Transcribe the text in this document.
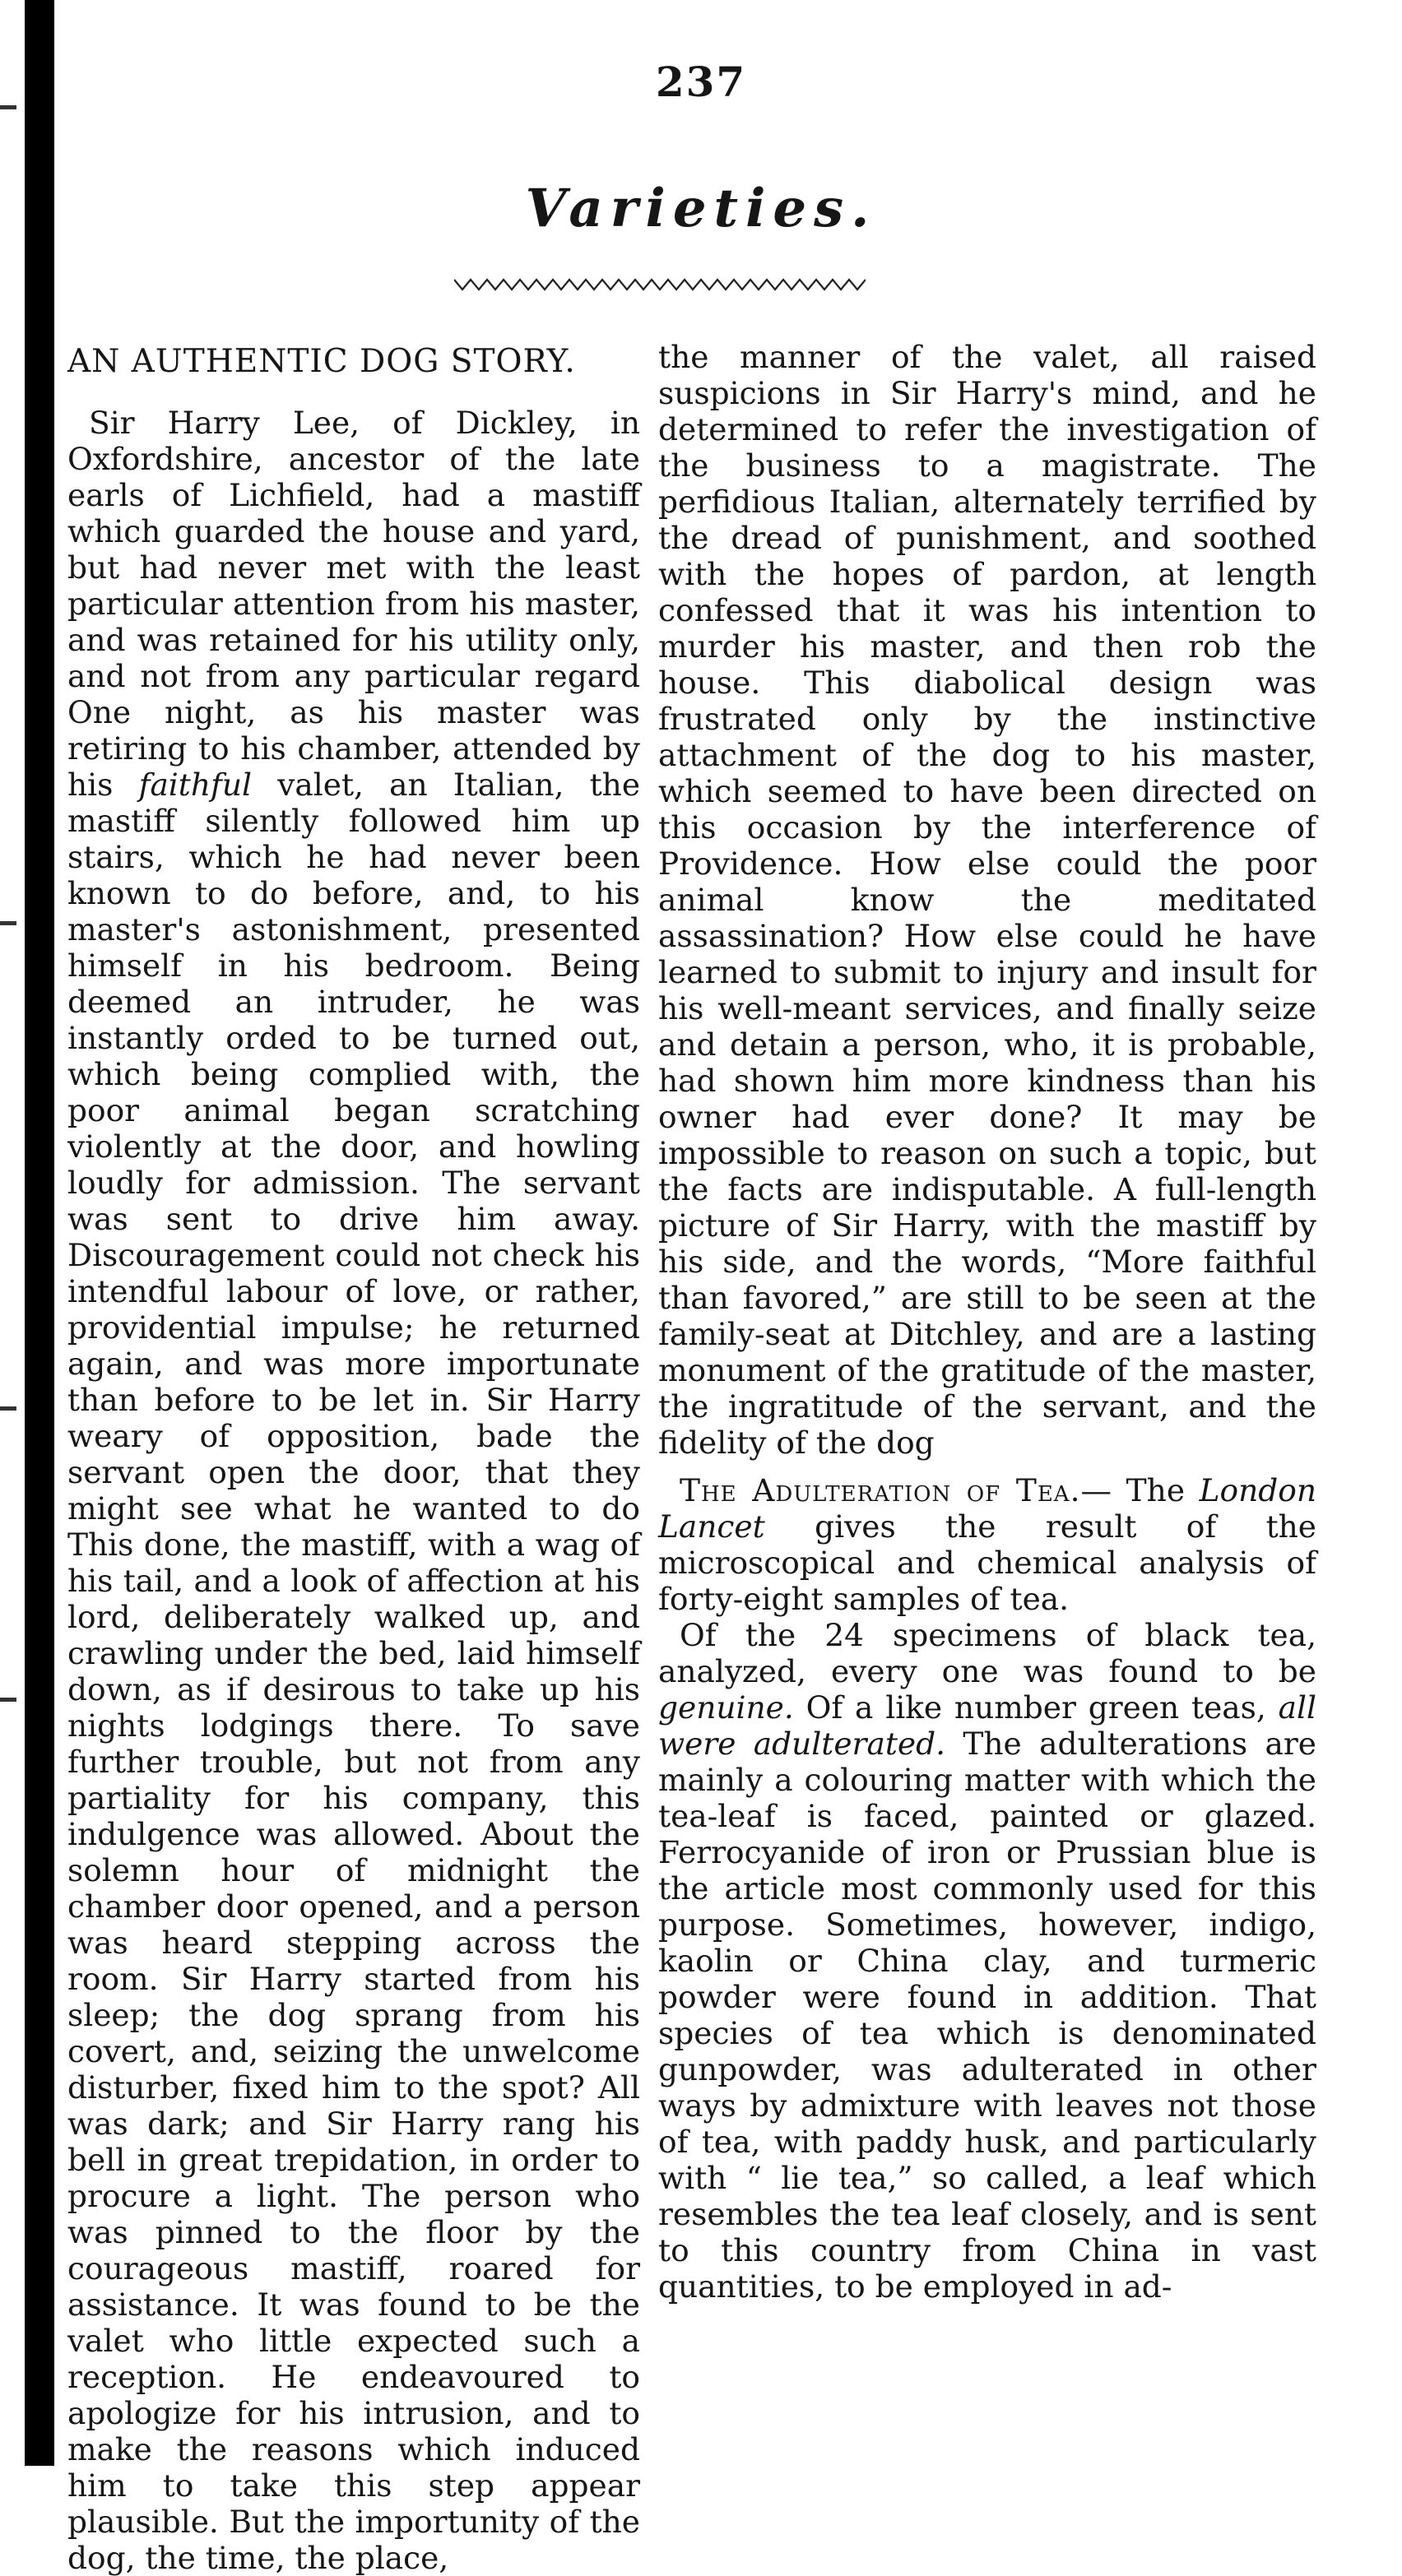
237
Varieties.
AN AUTHENTIC DOG STORY.

Sir Harry Lee, of Dickley, in Oxfordshire, ancestor of the late earls of Lichfield, had a mastiff which guarded the house and yard, but had never met with the least particular attention from his master, and was retained for his utility only, and not from any particular regard One night, as his master was retiring to his chamber, attended by his faithful valet, an Italian, the mastiff silently followed him up stairs, which he had never been known to do before, and, to his master's astonishment, presented himself in his bedroom. Being deemed an intruder, he was instantly orded to be turned out, which being complied with, the poor animal began scratching violently at the door, and howling loudly for admission. The servant was sent to drive him away. Discouragement could not check his intendful labour of love, or rather, providential impulse; he returned again, and was more importunate than before to be let in. Sir Harry weary of opposition, bade the servant open the door, that they might see what he wanted to do This done, the mastiff, with a wag of his tail, and a look of affection at his lord, deliberately walked up, and crawling under the bed, laid himself down, as if desirous to take up his nights lodgings there. To save further trouble, but not from any partiality for his company, this indulgence was allowed. About the solemn hour of midnight the chamber door opened, and a person was heard stepping across the room. Sir Harry started from his sleep; the dog sprang from his covert, and, seizing the unwelcome disturber, fixed him to the spot? All was dark; and Sir Harry rang his bell in great trepidation, in order to procure a light. The person who was pinned to the floor by the courageous mastiff, roared for assistance. It was found to be the valet who little expected such a reception. He endeavoured to apologize for his intrusion, and to make the reasons which induced him to take this step appear plausible. But the importunity of the dog, the time, the place,

the manner of the valet, all raised suspicions in Sir Harry's mind, and he determined to refer the investigation of the business to a magistrate. The perfidious Italian, alternately terrified by the dread of punishment, and soothed with the hopes of pardon, at length confessed that it was his intention to murder his master, and then rob the house. This diabolical design was frustrated only by the instinctive attachment of the dog to his master, which seemed to have been directed on this occasion by the interference of Providence. How else could the poor animal know the meditated assassination? How else could he have learned to submit to injury and insult for his well-meant services, and finally seize and detain a person, who, it is probable, had shown him more kindness than his owner had ever done? It may be impossible to reason on such a topic, but the facts are indisputable. A full-length picture of Sir Harry, with the mastiff by his side, and the words, “More faithful than favored,” are still to be seen at the family-seat at Ditchley, and are a lasting monument of the gratitude of the master, the ingratitude of the servant, and the fidelity of the dog

The Adulteration of Tea.— The London Lancet gives the result of the microscopical and chemical analysis of forty-eight samples of tea.

Of the 24 specimens of black tea, analyzed, every one was found to be genuine. Of a like number green teas, all were adulterated. The adulterations are mainly a colouring matter with which the tea-leaf is faced, painted or glazed. Ferrocyanide of iron or Prussian blue is the article most commonly used for this purpose. Sometimes, however, indigo, kaolin or China clay, and turmeric powder were found in addition. That species of tea which is denominated gunpowder, was adulterated in other ways by admixture with leaves not those of tea, with paddy husk, and particularly with “ lie tea,” so called, a leaf which resembles the tea leaf closely, and is sent to this country from China in vast quantities, to be employed in ad-
